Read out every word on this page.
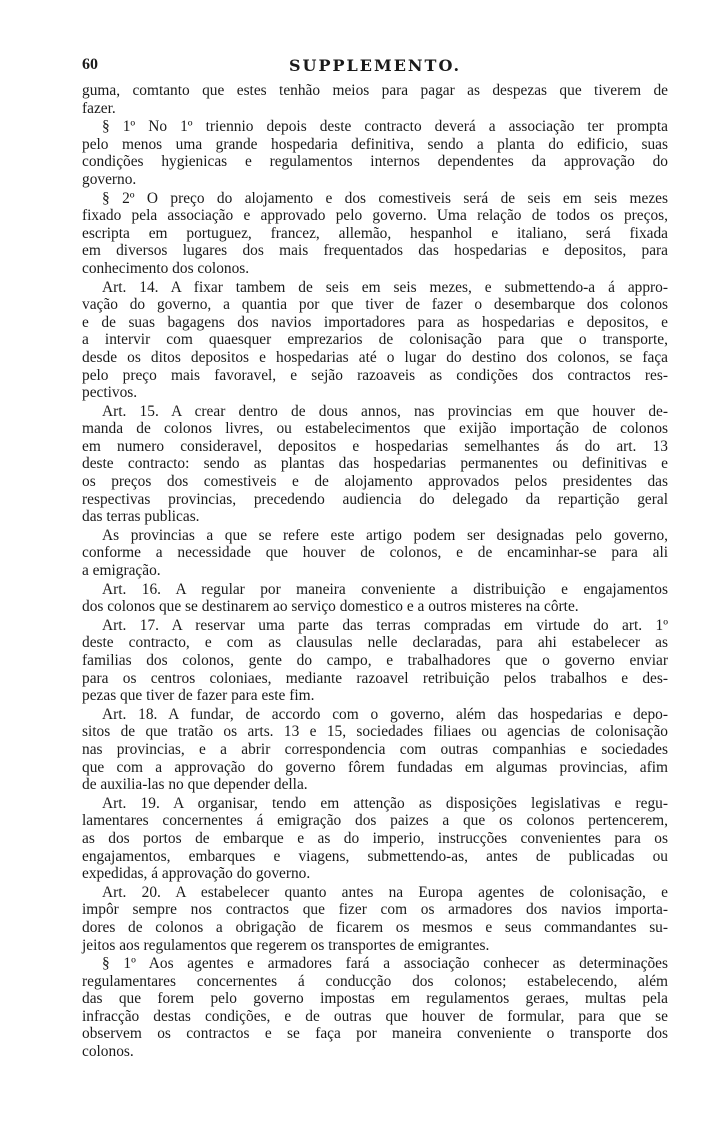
60	SUPPLEMENTO.
guma, comtanto que estes tenhão meios para pagar as despezas que tiverem de
fazer.
§ 1º No 1º triennio depois deste contracto deverá a associação ter prompta
pelo menos uma grande hospedaria definitiva, sendo a planta do edificio, suas
condições hygienicas e regulamentos internos dependentes da approvação do
governo.
§ 2º O preço do alojamento e dos comestiveis será de seis em seis mezes
fixado pela associação e approvado pelo governo. Uma relação de todos os preços,
escripta em portuguez, francez, allemão, hespanhol e italiano, será fixada
em diversos lugares dos mais frequentados das hospedarias e depositos, para
conhecimento dos colonos.
Art. 14. A fixar tambem de seis em seis mezes, e submettendo-a á appro-
vação do governo, a quantia por que tiver de fazer o desembarque dos colonos
e de suas bagagens dos navios importadores para as hospedarias e depositos, e
a intervir com quaesquer emprezarios de colonisação para que o transporte,
desde os ditos depositos e hospedarias até o lugar do destino dos colonos, se faça
pelo preço mais favoravel, e sejão razoaveis as condições dos contractos res-
pectivos.
Art. 15. A crear dentro de dous annos, nas provincias em que houver de-
manda de colonos livres, ou estabelecimentos que exijão importação de colonos
em numero consideravel, depositos e hospedarias semelhantes ás do art. 13
deste contracto: sendo as plantas das hospedarias permanentes ou definitivas e
os preços dos comestiveis e de alojamento approvados pelos presidentes das
respectivas provincias, precedendo audiencia do delegado da repartição geral
das terras publicas.
As provincias a que se refere este artigo podem ser designadas pelo governo,
conforme a necessidade que houver de colonos, e de encaminhar-se para ali
a emigração.
Art. 16. A regular por maneira conveniente a distribuição e engajamentos
dos colonos que se destinarem ao serviço domestico e a outros misteres na côrte.
Art. 17. A reservar uma parte das terras compradas em virtude do art. 1º
deste contracto, e com as clausulas nelle declaradas, para ahi estabelecer as
familias dos colonos, gente do campo, e trabalhadores que o governo enviar
para os centros coloniaes, mediante razoavel retribuição pelos trabalhos e des-
pezas que tiver de fazer para este fim.
Art. 18. A fundar, de accordo com o governo, além das hospedarias e depo-
sitos de que tratão os arts. 13 e 15, sociedades filiaes ou agencias de colonisação
nas provincias, e a abrir correspondencia com outras companhias e sociedades
que com a approvação do governo fôrem fundadas em algumas provincias, afim
de auxilia-las no que depender della.
Art. 19. A organisar, tendo em attenção as disposições legislativas e regu-
lamentares concernentes á emigração dos paizes a que os colonos pertencerem,
as dos portos de embarque e as do imperio, instrucções convenientes para os
engajamentos, embarques e viagens, submettendo-as, antes de publicadas ou
expedidas, á approvação do governo.
Art. 20. A estabelecer quanto antes na Europa agentes de colonisação, e
impôr sempre nos contractos que fizer com os armadores dos navios importa-
dores de colonos a obrigação de ficarem os mesmos e seus commandantes su-
jeitos aos regulamentos que regerem os transportes de emigrantes.
§ 1º Aos agentes e armadores fará a associação conhecer as determinações
regulamentares concernentes á conducção dos colonos; estabelecendo, além
das que forem pelo governo impostas em regulamentos geraes, multas pela
infracção destas condições, e de outras que houver de formular, para que se
observem os contractos e se faça por maneira conveniente o transporte dos
colonos.
